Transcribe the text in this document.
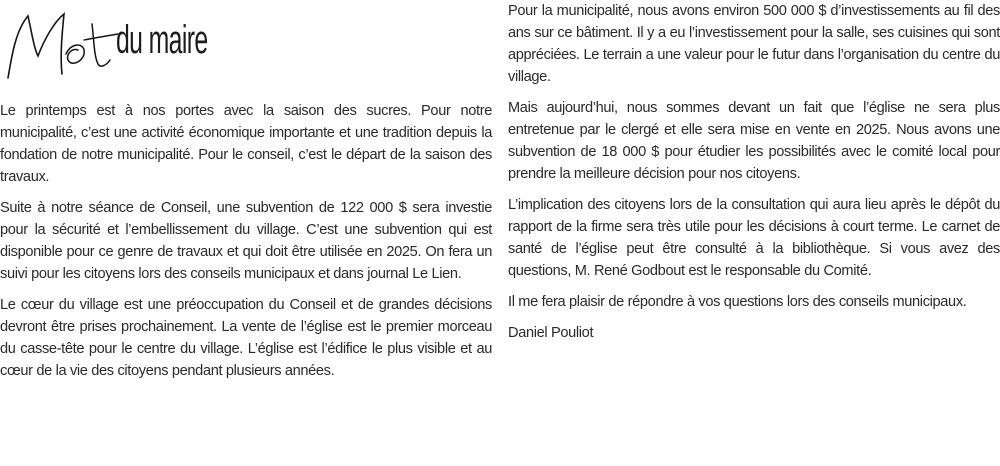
du maire

Le printemps est à nos portes avec la saison des sucres. Pour notre municipalité, c’est une activité économique importante et une tradition depuis la fondation de notre municipalité. Pour le conseil, c’est le départ de la saison des travaux.

Suite à notre séance de Conseil, une subvention de 122 000 $ sera investie pour la sécurité et l’embellissement du village. C’est une subvention qui est disponible pour ce genre de travaux et qui doit être utilisée en 2025. On fera un suivi pour les citoyens lors des conseils municipaux et dans journal Le Lien.

Le cœur du village est une préoccupation du Conseil et de grandes décisions devront être prises prochainement. La vente de l’église est le premier morceau du casse-tête pour le centre du village. L’église est l’édifice le plus visible et au cœur de la vie des citoyens pendant plusieurs années.

Pour la municipalité, nous avons environ 500 000 $ d’investissements au fil des ans sur ce bâtiment. Il y a eu l’investissement pour la salle, ses cuisines qui sont appréciées. Le terrain a une valeur pour le futur dans l’organisation du centre du village.

Mais aujourd’hui, nous sommes devant un fait que l’église ne sera plus entretenue par le clergé et elle sera mise en vente en 2025. Nous avons une subvention de 18 000 $ pour étudier les possibilités avec le comité local pour prendre la meilleure décision pour nos citoyens.

L’implication des citoyens lors de la consultation qui aura lieu après le dépôt du rapport de la firme sera très utile pour les décisions à court terme. Le carnet de santé de l’église peut être consulté à la bibliothèque. Si vous avez des questions, M. René Godbout est le responsable du Comité.

Il me fera plaisir de répondre à vos questions lors des conseils municipaux.

Daniel Pouliot
